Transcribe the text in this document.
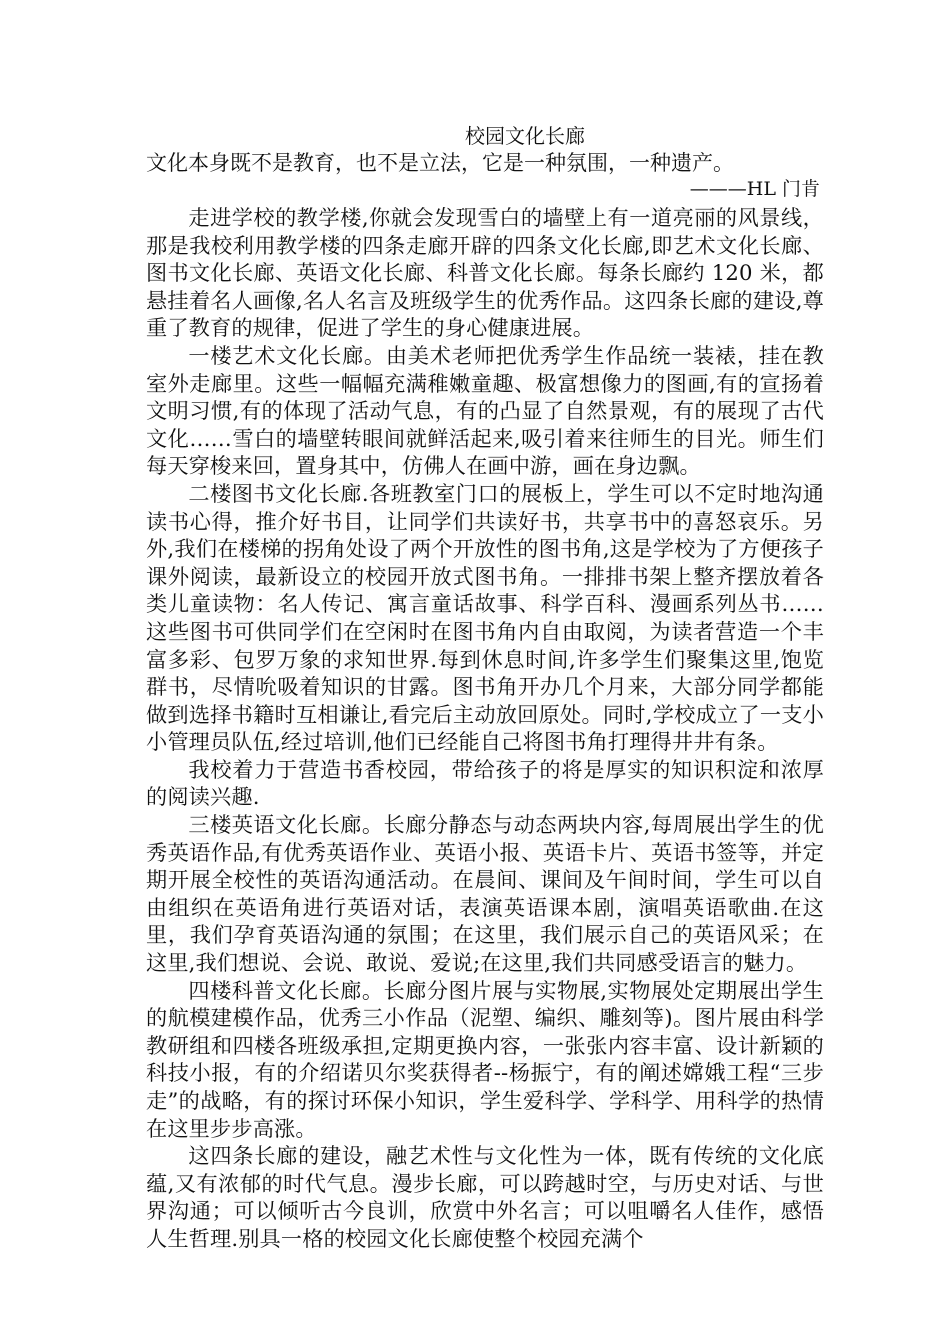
校园文化长廊

文化本身既不是教育，也不是立法，它是一种氛围，一种遗产。

———HL 门肯

走进学校的教学楼,你就会发现雪白的墙壁上有一道亮丽的风景线，那是我校利用教学楼的四条走廊开辟的四条文化长廊,即艺术文化长廊、图书文化长廊、英语文化长廊、科普文化长廊。每条长廊约 120 米，都悬挂着名人画像,名人名言及班级学生的优秀作品。这四条长廊的建设,尊重了教育的规律，促进了学生的身心健康进展。

一楼艺术文化长廊。由美术老师把优秀学生作品统一装裱，挂在教室外走廊里。这些一幅幅充满稚嫩童趣、极富想像力的图画,有的宣扬着文明习惯,有的体现了活动气息，有的凸显了自然景观，有的展现了古代文化……雪白的墙壁转眼间就鲜活起来,吸引着来往师生的目光。师生们每天穿梭来回，置身其中，仿佛人在画中游，画在身边飘。

二楼图书文化长廊.各班教室门口的展板上，学生可以不定时地沟通读书心得，推介好书目，让同学们共读好书，共享书中的喜怒哀乐。另外,我们在楼梯的拐角处设了两个开放性的图书角,这是学校为了方便孩子课外阅读，最新设立的校园开放式图书角。一排排书架上整齐摆放着各类儿童读物：名人传记、寓言童话故事、科学百科、漫画系列丛书……这些图书可供同学们在空闲时在图书角内自由取阅，为读者营造一个丰富多彩、包罗万象的求知世界.每到休息时间,许多学生们聚集这里,饱览群书，尽情吮吸着知识的甘露。图书角开办几个月来，大部分同学都能做到选择书籍时互相谦让,看完后主动放回原处。同时,学校成立了一支小小管理员队伍,经过培训,他们已经能自己将图书角打理得井井有条。

我校着力于营造书香校园，带给孩子的将是厚实的知识积淀和浓厚的阅读兴趣.

三楼英语文化长廊。长廊分静态与动态两块内容,每周展出学生的优秀英语作品,有优秀英语作业、英语小报、英语卡片、英语书签等，并定期开展全校性的英语沟通活动。在晨间、课间及午间时间，学生可以自由组织在英语角进行英语对话，表演英语课本剧，演唱英语歌曲.在这里，我们孕育英语沟通的氛围；在这里，我们展示自己的英语风采；在这里,我们想说、会说、敢说、爱说;在这里,我们共同感受语言的魅力。

四楼科普文化长廊。长廊分图片展与实物展,实物展处定期展出学生的航模建模作品，优秀三小作品（泥塑、编织、雕刻等)。图片展由科学教研组和四楼各班级承担,定期更换内容，一张张内容丰富、设计新颖的科技小报，有的介绍诺贝尔奖获得者--杨振宁，有的阐述嫦娥工程“三步走”的战略，有的探讨环保小知识，学生爱科学、学科学、用科学的热情在这里步步高涨。

这四条长廊的建设，融艺术性与文化性为一体，既有传统的文化底蕴,又有浓郁的时代气息。漫步长廊，可以跨越时空，与历史对话、与世界沟通；可以倾听古今良训，欣赏中外名言；可以咀嚼名人佳作，感悟人生哲理.别具一格的校园文化长廊使整个校园充满个
